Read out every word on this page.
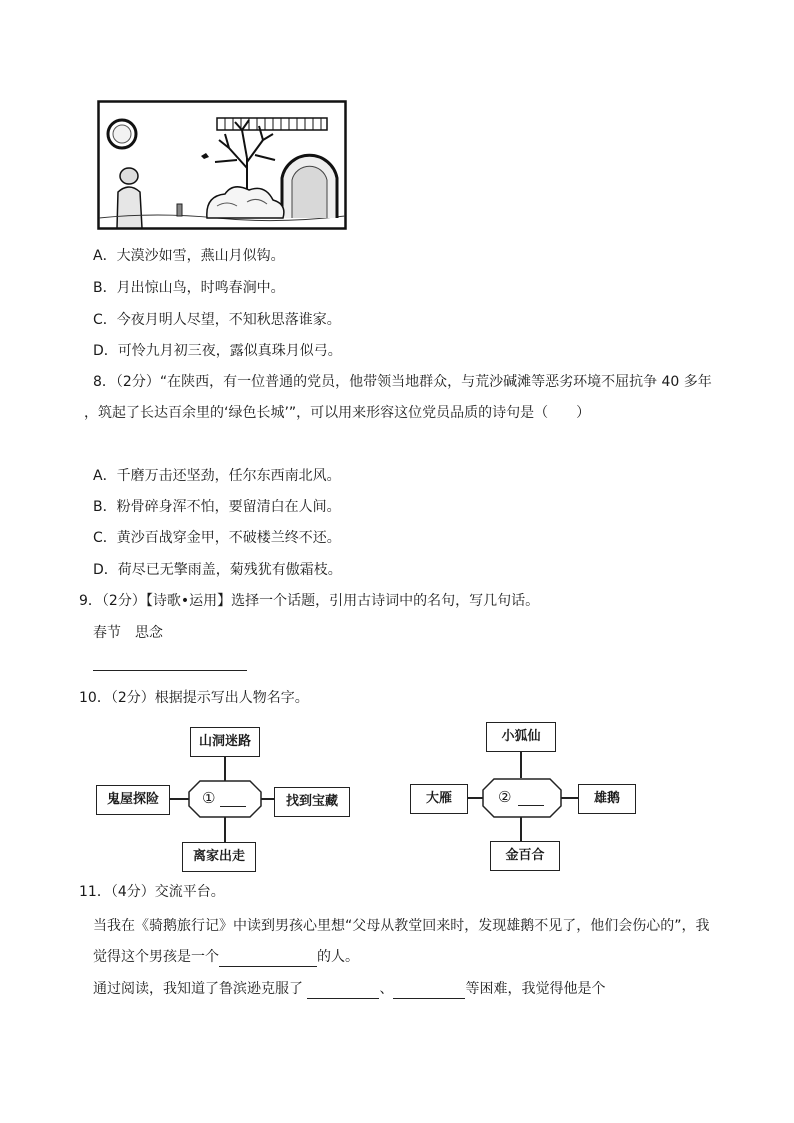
A．大漠沙如雪，燕山月似钩。
B．月出惊山鸟，时鸣春涧中。
C．今夜月明人尽望，不知秋思落谁家。
D．可怜九月初三夜，露似真珠月似弓。
8．（2分）“在陕西，有一位普通的党员，他带领当地群众，与荒沙碱滩等恶劣环境不屈抗争 40 多年
，筑起了长达百余里的‘绿色长城’”，可以用来形容这位党员品质的诗句是（　　）
A．千磨万击还坚劲，任尔东西南北风。
B．粉骨碎身浑不怕，要留清白在人间。
C．黄沙百战穿金甲，不破楼兰终不还。
D．荷尽已无擎雨盖，菊残犹有傲霜枝。
9．（2分）【诗歌•运用】选择一个话题，引用古诗词中的名句，写几句话。
春节　思念
10．（2分）根据提示写出人物名字。
山洞迷路
鬼屋探险	找到宝藏
离家出走
①
小狐仙
大雁	雄鹅
金百合
②
11．（4分）交流平台。
当我在《骑鹅旅行记》中读到男孩心里想“父母从教堂回来时，发现雄鹅不见了，他们会伤心的”，我
觉得这个男孩是一个	的人。
通过阅读，我知道了鲁滨逊克服了	、	等困难，我觉得他是个
